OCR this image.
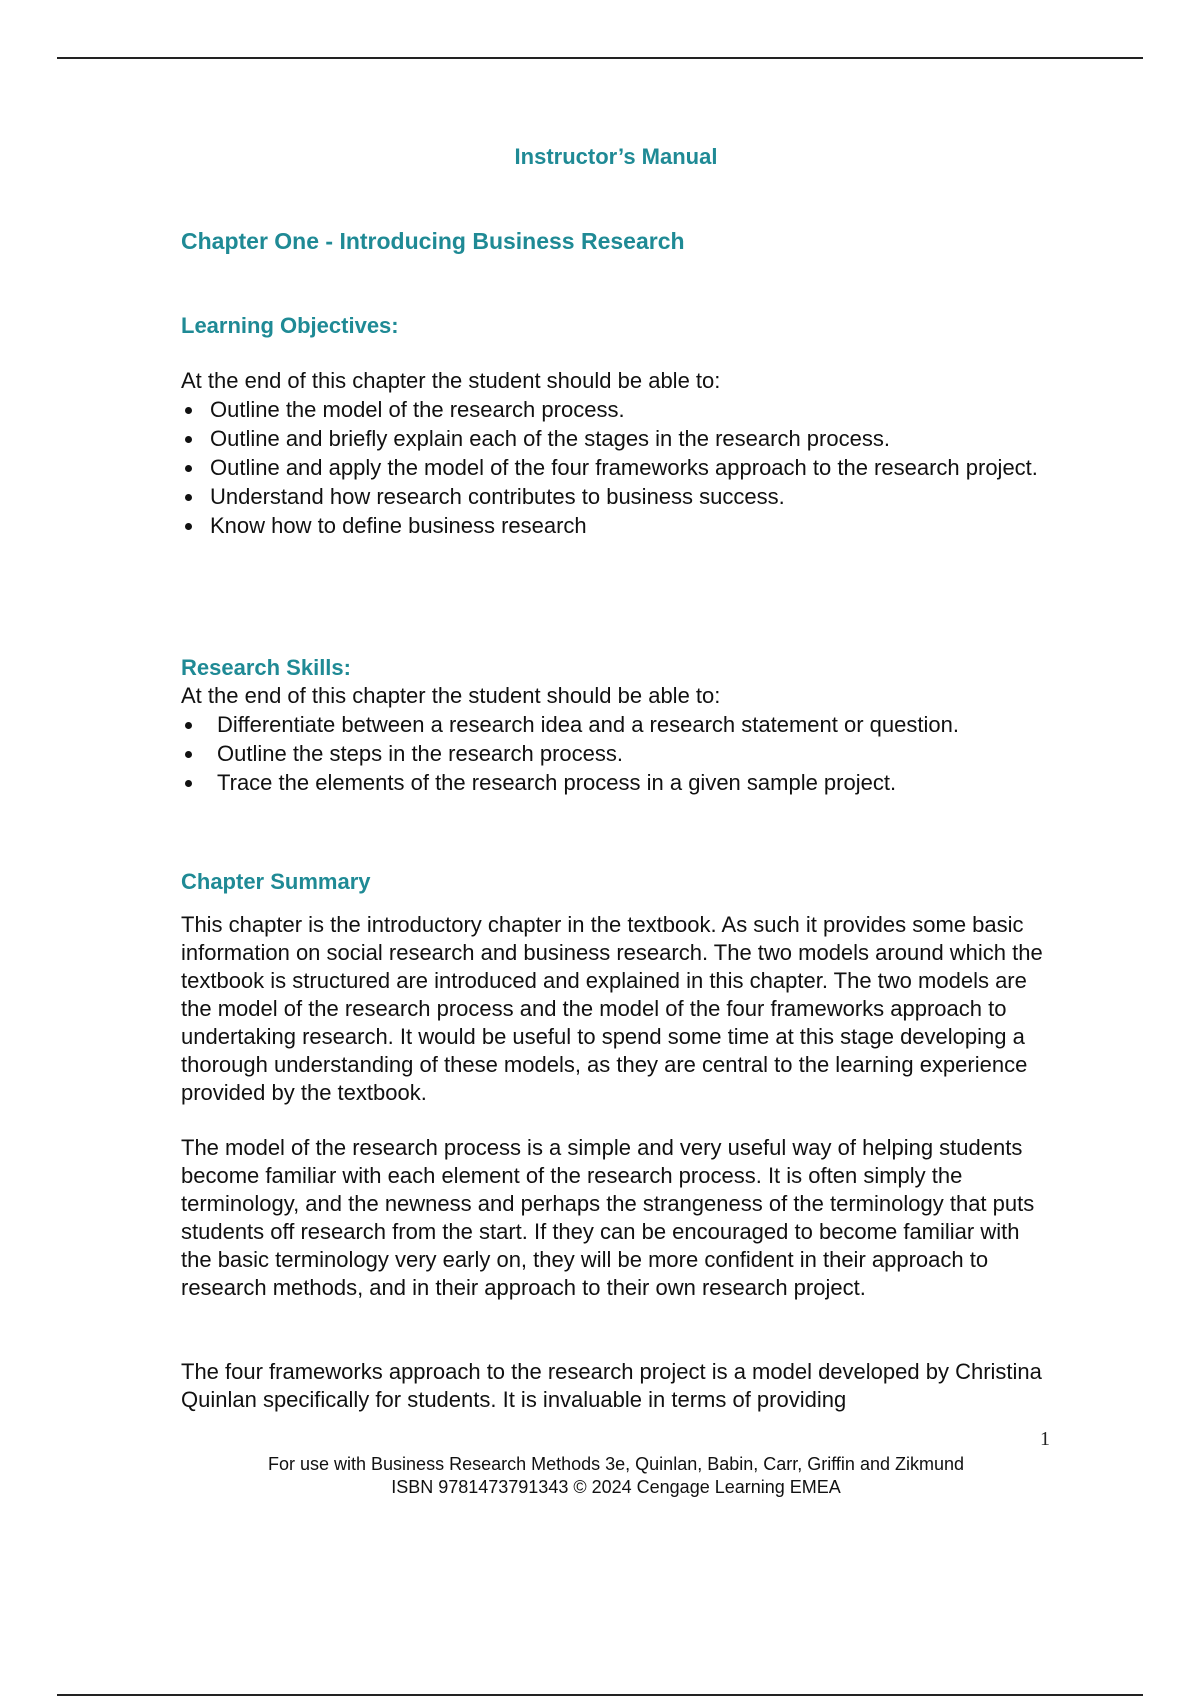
Instructor’s Manual
Chapter One - Introducing Business Research
Learning Objectives:

At the end of this chapter the student should be able to:

Outline the model of the research process.
Outline and briefly explain each of the stages in the research process.
Outline and apply the model of the four frameworks approach to the research project.
Understand how research contributes to business success.
Know how to define business research
Research Skills:

At the end of this chapter the student should be able to:

Differentiate between a research idea and a research statement or question.
Outline the steps in the research process.
Trace the elements of the research process in a given sample project.
Chapter Summary

This chapter is the introductory chapter in the textbook. As such it provides some basic information on social research and business research. The two models around which the textbook is structured are introduced and explained in this chapter. The two models are the model of the research process and the model of the four frameworks approach to undertaking research. It would be useful to spend some time at this stage developing a thorough understanding of these models, as they are central to the learning experience provided by the textbook.

The model of the research process is a simple and very useful way of helping students become familiar with each element of the research process. It is often simply the terminology, and the newness and perhaps the strangeness of the terminology that puts students off research from the start. If they can be encouraged to become familiar with the basic terminology very early on, they will be more confident in their approach to research methods, and in their approach to their own research project.

The four frameworks approach to the research project is a model developed by Christina Quinlan specifically for students. It is invaluable in terms of providing

1
For use with Business Research Methods 3e, Quinlan, Babin, Carr, Griffin and Zikmund
ISBN 9781473791343 © 2024 Cengage Learning EMEA
